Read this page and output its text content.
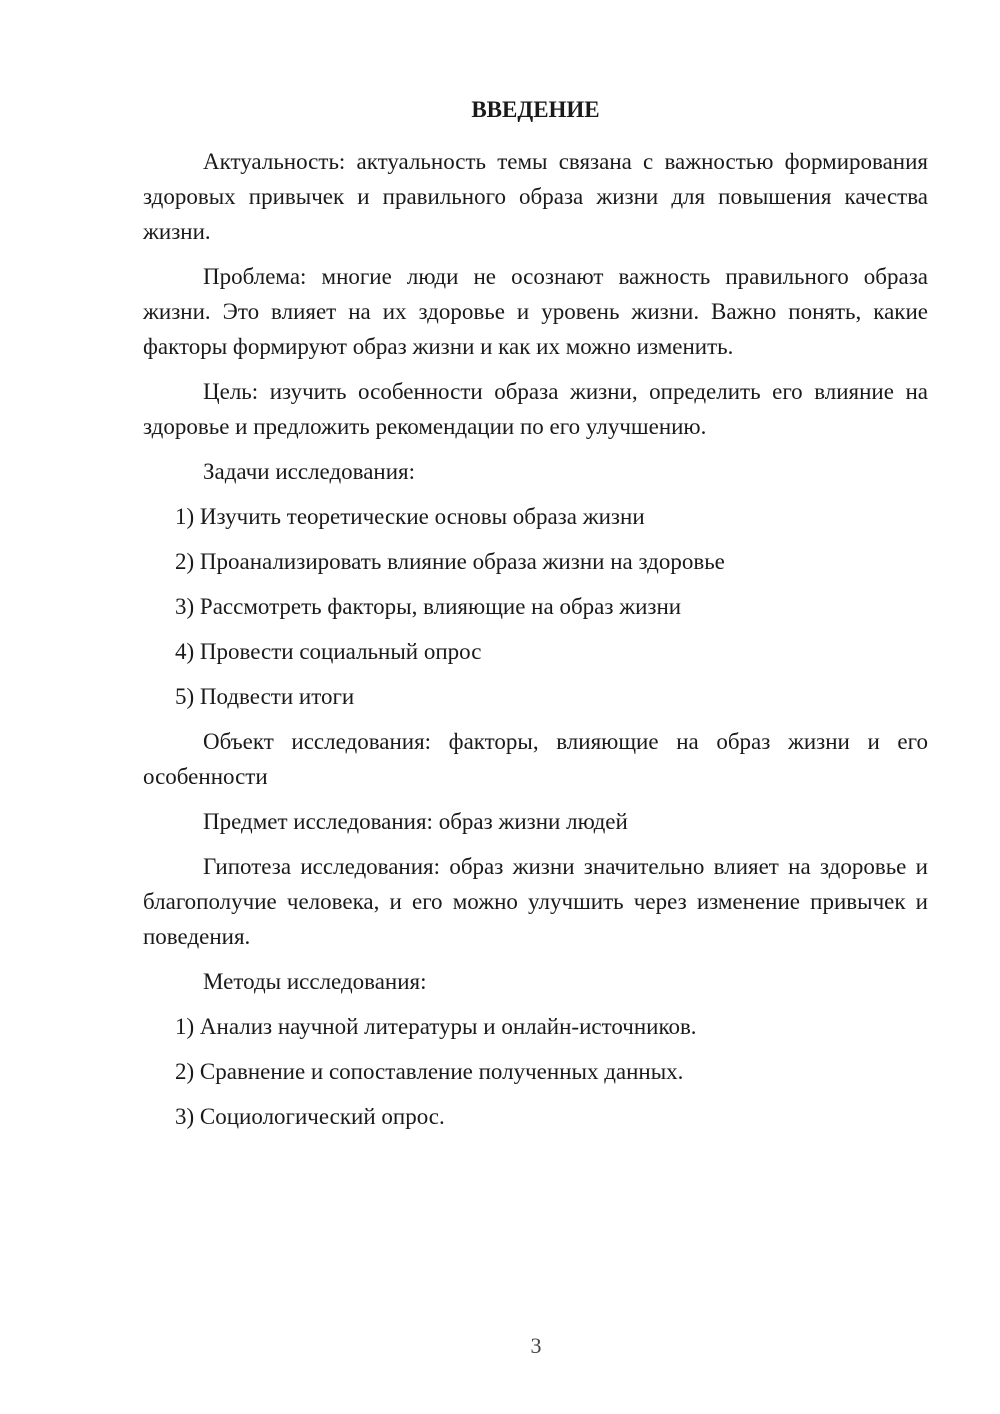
ВВЕДЕНИЕ

Актуальность: актуальность темы связана с важностью формирования здоровых привычек и правильного образа жизни для повышения качества жизни.

Проблема: многие люди не осознают важность правильного образа жизни. Это влияет на их здоровье и уровень жизни. Важно понять, какие факторы формируют образ жизни и как их можно изменить.

Цель: изучить особенности образа жизни, определить его влияние на здоровье и предложить рекомендации по его улучшению.

Задачи исследования:

1) Изучить теоретические основы образа жизни
2) Проанализировать влияние образа жизни на здоровье
3) Рассмотреть факторы, влияющие на образ жизни
4) Провести социальный опрос
5) Подвести итоги

Объект исследования: факторы, влияющие на образ жизни и его особенности

Предмет исследования: образ жизни людей

Гипотеза исследования: образ жизни значительно влияет на здоровье и благополучие человека, и его можно улучшить через изменение привычек и поведения.

Методы исследования:

1) Анализ научной литературы и онлайн-источников.
2) Сравнение и сопоставление полученных данных.
3) Социологический опрос.
3
